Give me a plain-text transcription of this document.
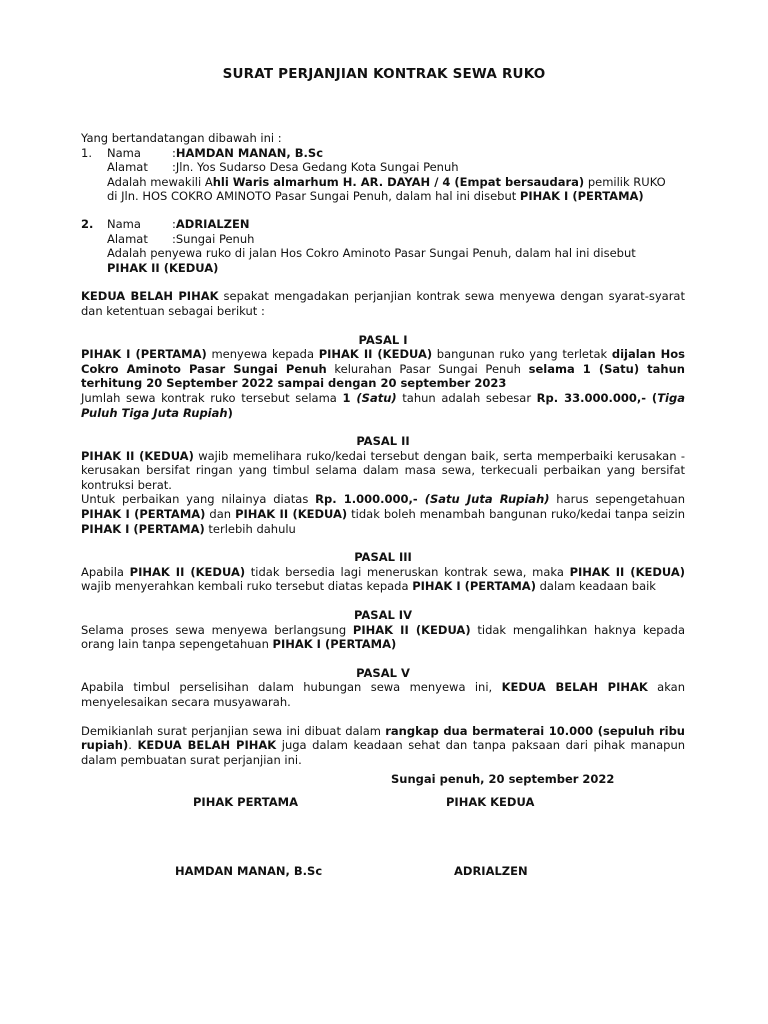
SURAT PERJANJIAN KONTRAK SEWA RUKO
Yang bertandatangan dibawah ini :
1.	Nama	: HAMDAN MANAN, B.Sc
Alamat	: Jln. Yos Sudarso Desa Gedang Kota Sungai Penuh
Adalah mewakili Ahli Waris almarhum H. AR. DAYAH / 4 (Empat bersaudara) pemilik RUKO
di Jln. HOS COKRO AMINOTO Pasar Sungai Penuh, dalam hal ini disebut PIHAK I (PERTAMA)
2.	Nama	: ADRIALZEN
Alamat	: Sungai Penuh
Adalah penyewa ruko di jalan Hos Cokro Aminoto Pasar Sungai Penuh, dalam hal ini disebut
PIHAK II (KEDUA)
KEDUA BELAH PIHAK sepakat mengadakan perjanjian kontrak sewa menyewa dengan syarat-syarat dan ketentuan sebagai berikut :
PASAL I
PIHAK I (PERTAMA) menyewa kepada PIHAK II (KEDUA) bangunan ruko yang terletak dijalan Hos Cokro Aminoto Pasar Sungai Penuh kelurahan Pasar Sungai Penuh selama 1 (Satu) tahun terhitung 20 September 2022 sampai dengan 20 september 2023
Jumlah sewa kontrak ruko tersebut selama 1 (Satu) tahun adalah sebesar Rp. 33.000.000,- (Tiga Puluh Tiga Juta Rupiah)
PASAL II
PIHAK II (KEDUA) wajib memelihara ruko/kedai tersebut dengan baik, serta memperbaiki kerusakan - kerusakan bersifat ringan yang timbul selama dalam masa sewa, terkecuali perbaikan yang bersifat kontruksi berat.
Untuk perbaikan yang nilainya diatas Rp. 1.000.000,- (Satu Juta Rupiah) harus sepengetahuan PIHAK I (PERTAMA) dan PIHAK II (KEDUA) tidak boleh menambah bangunan ruko/kedai tanpa seizin PIHAK I (PERTAMA) terlebih dahulu
PASAL III
Apabila PIHAK II (KEDUA) tidak bersedia lagi meneruskan kontrak sewa, maka PIHAK II (KEDUA) wajib menyerahkan kembali ruko tersebut diatas kepada PIHAK I (PERTAMA) dalam keadaan baik
PASAL IV
Selama proses sewa menyewa berlangsung PIHAK II (KEDUA) tidak mengalihkan haknya kepada orang lain tanpa sepengetahuan PIHAK I (PERTAMA)
PASAL V
Apabila timbul perselisihan dalam hubungan sewa menyewa ini, KEDUA BELAH PIHAK akan menyelesaikan secara musyawarah.
Demikianlah surat perjanjian sewa ini dibuat dalam rangkap dua bermaterai 10.000 (sepuluh ribu rupiah). KEDUA BELAH PIHAK juga dalam keadaan sehat dan tanpa paksaan dari pihak manapun dalam pembuatan surat perjanjian ini.
Sungai penuh, 20 september 2022
PIHAK PERTAMA	PIHAK KEDUA
HAMDAN MANAN, B.Sc	ADRIALZEN
